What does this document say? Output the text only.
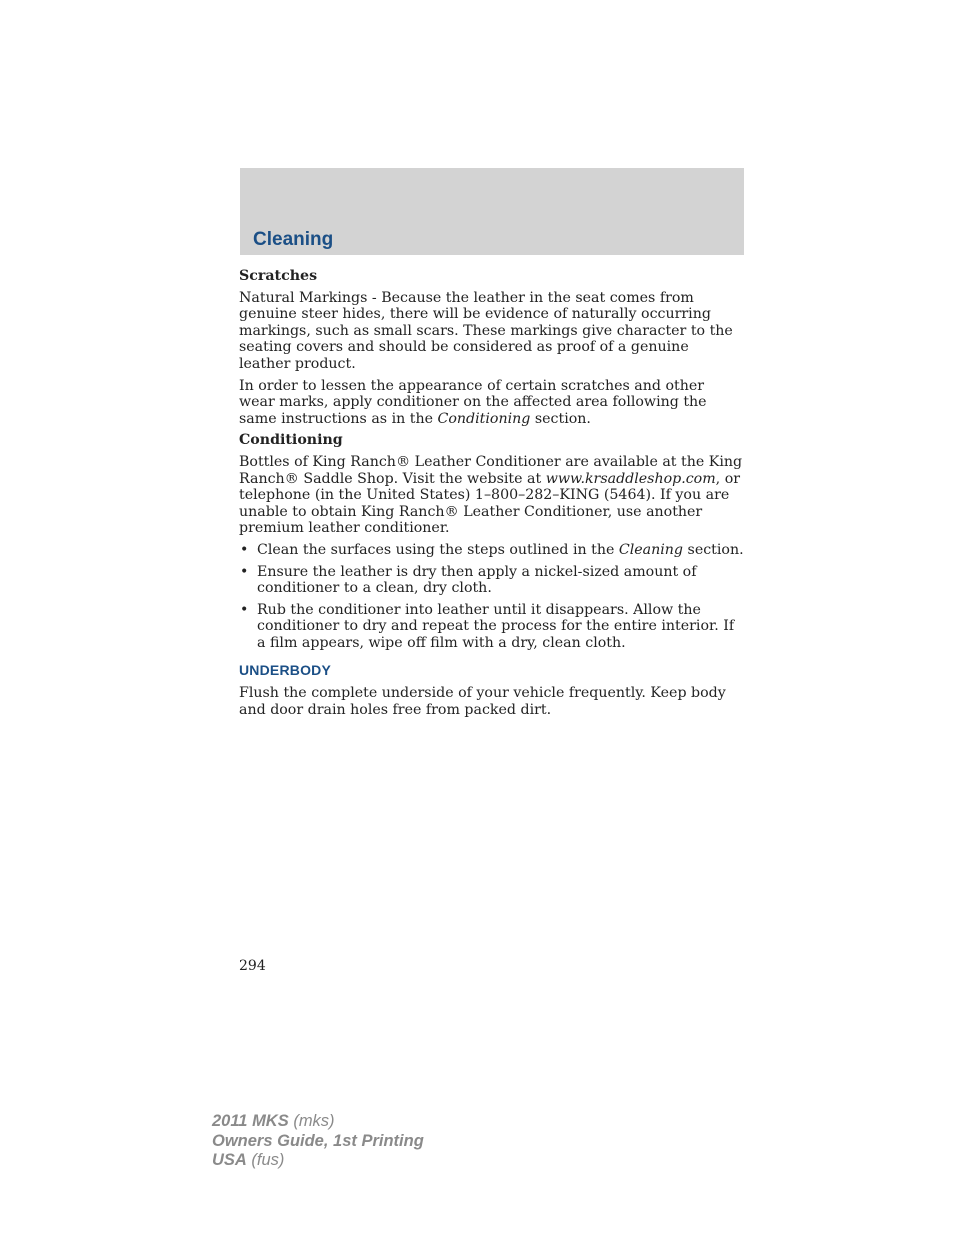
Cleaning
Scratches

Natural Markings - Because the leather in the seat comes from genuine steer hides, there will be evidence of naturally occurring markings, such as small scars. These markings give character to the seating covers and should be considered as proof of a genuine leather product.

In order to lessen the appearance of certain scratches and other wear marks, apply conditioner on the affected area following the same instructions as in the Conditioning section.

Conditioning

Bottles of King Ranch® Leather Conditioner are available at the King Ranch® Saddle Shop. Visit the website at www.krsaddleshop.com, or telephone (in the United States) 1–800–282–KING (5464). If you are unable to obtain King Ranch® Leather Conditioner, use another premium leather conditioner.

• Clean the surfaces using the steps outlined in the Cleaning section.
• Ensure the leather is dry then apply a nickel-sized amount of conditioner to a clean, dry cloth.
• Rub the conditioner into leather until it disappears. Allow the conditioner to dry and repeat the process for the entire interior. If a film appears, wipe off film with a dry, clean cloth.
UNDERBODY

Flush the complete underside of your vehicle frequently. Keep body and door drain holes free from packed dirt.

294
2011 MKS (mks)
Owners Guide, 1st Printing
USA (fus)
